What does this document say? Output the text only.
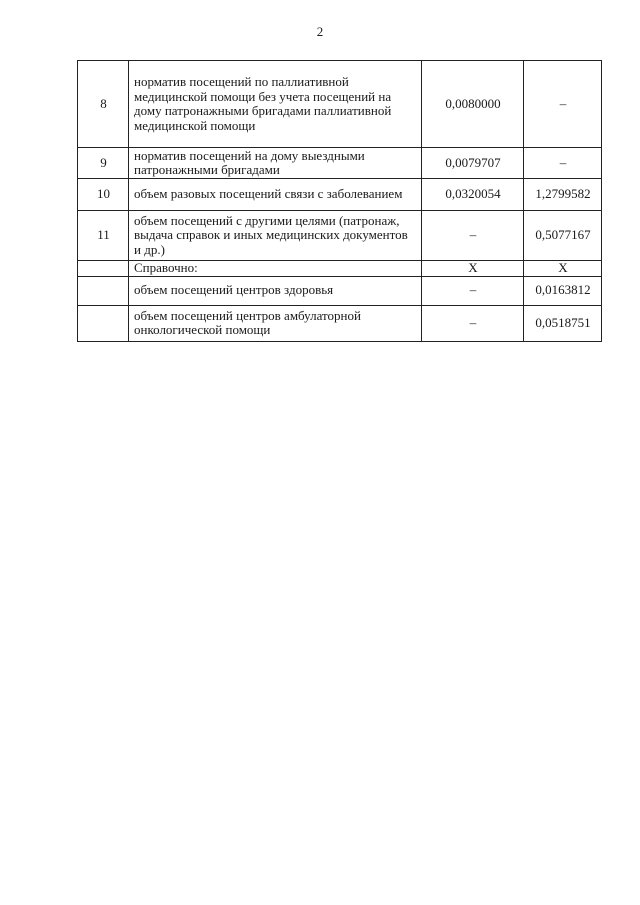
2
8	норматив посещений по паллиативной медицинской помощи без учета посещений на дому патронажными бригадами паллиативной медицинской помощи	0,0080000	–
9	норматив посещений на дому выездными патронажными бригадами	0,0079707	–
10	объем разовых посещений связи с заболеванием	0,0320054	1,2799582
11	объем посещений с другими целями (патронаж, выдача справок и иных медицинских документов и др.)	–	0,5077167
	Справочно:	X	X
	объем посещений центров здоровья	–	0,0163812
	объем посещений центров амбулаторной онкологической помощи	–	0,0518751
